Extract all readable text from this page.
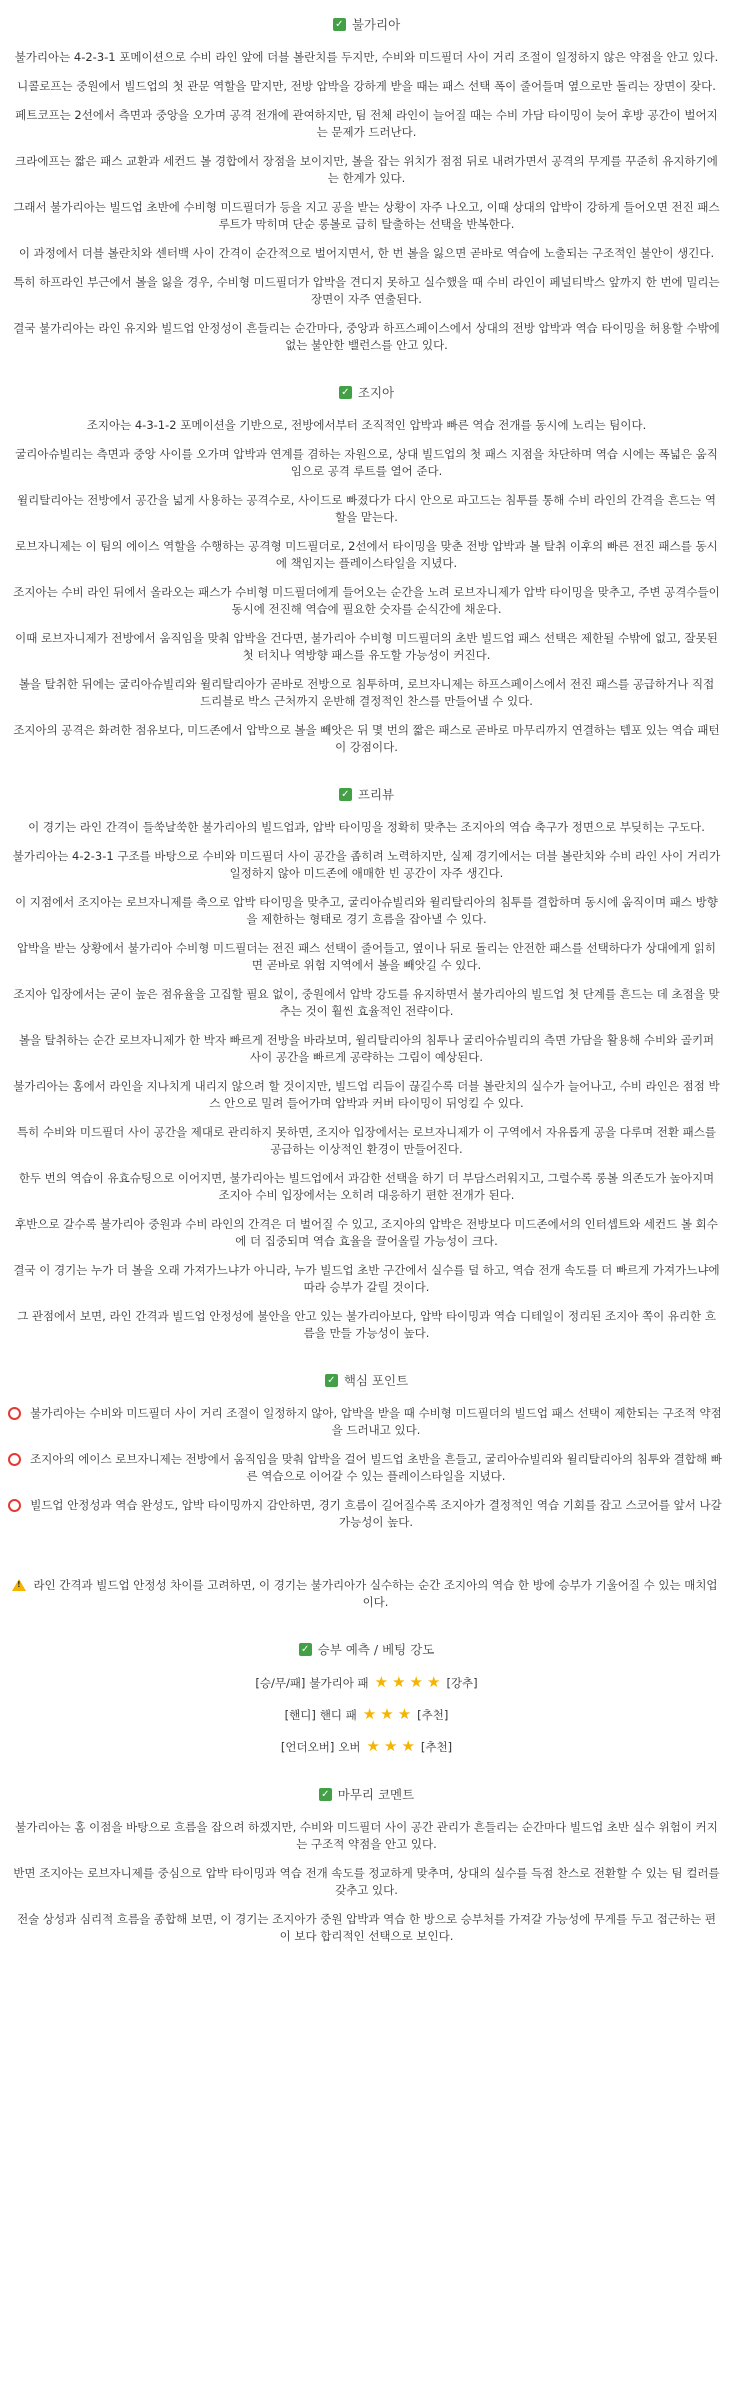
✓ 불가리아

불가리아는 4-2-3-1 포메이션으로 수비 라인 앞에 더블 볼란치를 두지만, 수비와 미드필더 사이 거리 조절이 일정하지 않은 약점을 안고 있다.

니콜로프는 중원에서 빌드업의 첫 관문 역할을 맡지만, 전방 압박을 강하게 받을 때는 패스 선택 폭이 줄어들며 옆으로만 돌리는 장면이 잦다.

페트코프는 2선에서 측면과 중앙을 오가며 공격 전개에 관여하지만, 팀 전체 라인이 늘어질 때는 수비 가담 타이밍이 늦어 후방 공간이 벌어지는 문제가 드러난다.

크라에프는 짧은 패스 교환과 세컨드 볼 경합에서 장점을 보이지만, 볼을 잡는 위치가 점점 뒤로 내려가면서 공격의 무게를 꾸준히 유지하기에는 한계가 있다.

그래서 불가리아는 빌드업 초반에 수비형 미드필더가 등을 지고 공을 받는 상황이 자주 나오고, 이때 상대의 압박이 강하게 들어오면 전진 패스 루트가 막히며 단순 롱볼로 급히 탈출하는 선택을 반복한다.

이 과정에서 더블 볼란치와 센터백 사이 간격이 순간적으로 벌어지면서, 한 번 볼을 잃으면 곧바로 역습에 노출되는 구조적인 불안이 생긴다.

특히 하프라인 부근에서 볼을 잃을 경우, 수비형 미드필더가 압박을 견디지 못하고 실수했을 때 수비 라인이 페널티박스 앞까지 한 번에 밀리는 장면이 자주 연출된다.

결국 불가리아는 라인 유지와 빌드업 안정성이 흔들리는 순간마다, 중앙과 하프스페이스에서 상대의 전방 압박과 역습 타이밍을 허용할 수밖에 없는 불안한 밸런스를 안고 있다.

✓ 조지아

조지아는 4-3-1-2 포메이션을 기반으로, 전방에서부터 조직적인 압박과 빠른 역습 전개를 동시에 노리는 팀이다.

굴리아슈빌리는 측면과 중앙 사이를 오가며 압박과 연계를 겸하는 자원으로, 상대 빌드업의 첫 패스 지점을 차단하며 역습 시에는 폭넓은 움직임으로 공격 루트를 열어 준다.

윌리탈리아는 전방에서 공간을 넓게 사용하는 공격수로, 사이드로 빠졌다가 다시 안으로 파고드는 침투를 통해 수비 라인의 간격을 흔드는 역할을 맡는다.

로브자니제는 이 팀의 에이스 역할을 수행하는 공격형 미드필더로, 2선에서 타이밍을 맞춘 전방 압박과 볼 탈취 이후의 빠른 전진 패스를 동시에 책임지는 플레이스타일을 지녔다.

조지아는 수비 라인 뒤에서 올라오는 패스가 수비형 미드필더에게 들어오는 순간을 노려 로브자니제가 압박 타이밍을 맞추고, 주변 공격수들이 동시에 전진해 역습에 필요한 숫자를 순식간에 채운다.

이때 로브자니제가 전방에서 움직임을 맞춰 압박을 건다면, 불가리아 수비형 미드필더의 초반 빌드업 패스 선택은 제한될 수밖에 없고, 잘못된 첫 터치나 역방향 패스를 유도할 가능성이 커진다.

볼을 탈취한 뒤에는 굴리아슈빌리와 윌리탈리아가 곧바로 전방으로 침투하며, 로브자니제는 하프스페이스에서 전진 패스를 공급하거나 직접 드리블로 박스 근처까지 운반해 결정적인 찬스를 만들어낼 수 있다.

조지아의 공격은 화려한 점유보다, 미드존에서 압박으로 볼을 빼앗은 뒤 몇 번의 짧은 패스로 곧바로 마무리까지 연결하는 템포 있는 역습 패턴이 강점이다.

✓ 프리뷰

이 경기는 라인 간격이 들쑥날쑥한 불가리아의 빌드업과, 압박 타이밍을 정확히 맞추는 조지아의 역습 축구가 정면으로 부딪히는 구도다.

불가리아는 4-2-3-1 구조를 바탕으로 수비와 미드필더 사이 공간을 좁히려 노력하지만, 실제 경기에서는 더블 볼란치와 수비 라인 사이 거리가 일정하지 않아 미드존에 애매한 빈 공간이 자주 생긴다.

이 지점에서 조지아는 로브자니제를 축으로 압박 타이밍을 맞추고, 굴리아슈빌리와 윌리탈리아의 침투를 결합하며 동시에 움직이며 패스 방향을 제한하는 형태로 경기 흐름을 잡아낼 수 있다.

압박을 받는 상황에서 불가리아 수비형 미드필더는 전진 패스 선택이 줄어들고, 옆이나 뒤로 돌리는 안전한 패스를 선택하다가 상대에게 읽히면 곧바로 위험 지역에서 볼을 빼앗길 수 있다.

조지아 입장에서는 굳이 높은 점유율을 고집할 필요 없이, 중원에서 압박 강도를 유지하면서 불가리아의 빌드업 첫 단계를 흔드는 데 초점을 맞추는 것이 훨씬 효율적인 전략이다.

볼을 탈취하는 순간 로브자니제가 한 박자 빠르게 전방을 바라보며, 윌리탈리아의 침투나 굴리아슈빌리의 측면 가담을 활용해 수비와 골키퍼 사이 공간을 빠르게 공략하는 그림이 예상된다.

불가리아는 홈에서 라인을 지나치게 내리지 않으려 할 것이지만, 빌드업 리듬이 끊길수록 더블 볼란치의 실수가 늘어나고, 수비 라인은 점점 박스 안으로 밀려 들어가며 압박과 커버 타이밍이 뒤엉킬 수 있다.

특히 수비와 미드필더 사이 공간을 제대로 관리하지 못하면, 조지아 입장에서는 로브자니제가 이 구역에서 자유롭게 공을 다루며 전환 패스를 공급하는 이상적인 환경이 만들어진다.

한두 번의 역습이 유효슈팅으로 이어지면, 불가리아는 빌드업에서 과감한 선택을 하기 더 부담스러워지고, 그럴수록 롱볼 의존도가 높아지며 조지아 수비 입장에서는 오히려 대응하기 편한 전개가 된다.

후반으로 갈수록 불가리아 중원과 수비 라인의 간격은 더 벌어질 수 있고, 조지아의 압박은 전방보다 미드존에서의 인터셉트와 세컨드 볼 회수에 더 집중되며 역습 효율을 끌어올릴 가능성이 크다.

결국 이 경기는 누가 더 볼을 오래 가져가느냐가 아니라, 누가 빌드업 초반 구간에서 실수를 덜 하고, 역습 전개 속도를 더 빠르게 가져가느냐에 따라 승부가 갈릴 것이다.

그 관점에서 보면, 라인 간격과 빌드업 안정성에 불안을 안고 있는 불가리아보다, 압박 타이밍과 역습 디테일이 정리된 조지아 쪽이 유리한 흐름을 만들 가능성이 높다.

✓ 핵심 포인트
불가리아는 수비와 미드필더 사이 거리 조절이 일정하지 않아, 압박을 받을 때 수비형 미드필더의 빌드업 패스 선택이 제한되는 구조적 약점을 드러내고 있다.
조지아의 에이스 로브자니제는 전방에서 움직임을 맞춰 압박을 걸어 빌드업 초반을 흔들고, 굴리아슈빌리와 윌리탈리아의 침투와 결합해 빠른 역습으로 이어갈 수 있는 플레이스타일을 지녔다.
빌드업 안정성과 역습 완성도, 압박 타이밍까지 감안하면, 경기 흐름이 길어질수록 조지아가 결정적인 역습 기회를 잡고 스코어를 앞서 나갈 가능성이 높다.
!
라인 간격과 빌드업 안정성 차이를 고려하면, 이 경기는 불가리아가 실수하는 순간 조지아의 역습 한 방에 승부가 기울어질 수 있는 매치업이다.
✓ 승부 예측 / 베팅 강도
[승/무/패] 불가리아 패 ★ ★ ★ ★ [강추]
[핸디] 핸디 패 ★ ★ ★ [추천]
[언더오버] 오버 ★ ★ ★ [추천]
✓ 마무리 코멘트

불가리아는 홈 이점을 바탕으로 흐름을 잡으려 하겠지만, 수비와 미드필더 사이 공간 관리가 흔들리는 순간마다 빌드업 초반 실수 위험이 커지는 구조적 약점을 안고 있다.

반면 조지아는 로브자니제를 중심으로 압박 타이밍과 역습 전개 속도를 정교하게 맞추며, 상대의 실수를 득점 찬스로 전환할 수 있는 팀 컬러를 갖추고 있다.

전술 상성과 심리적 흐름을 종합해 보면, 이 경기는 조지아가 중원 압박과 역습 한 방으로 승부처를 가져갈 가능성에 무게를 두고 접근하는 편이 보다 합리적인 선택으로 보인다.
